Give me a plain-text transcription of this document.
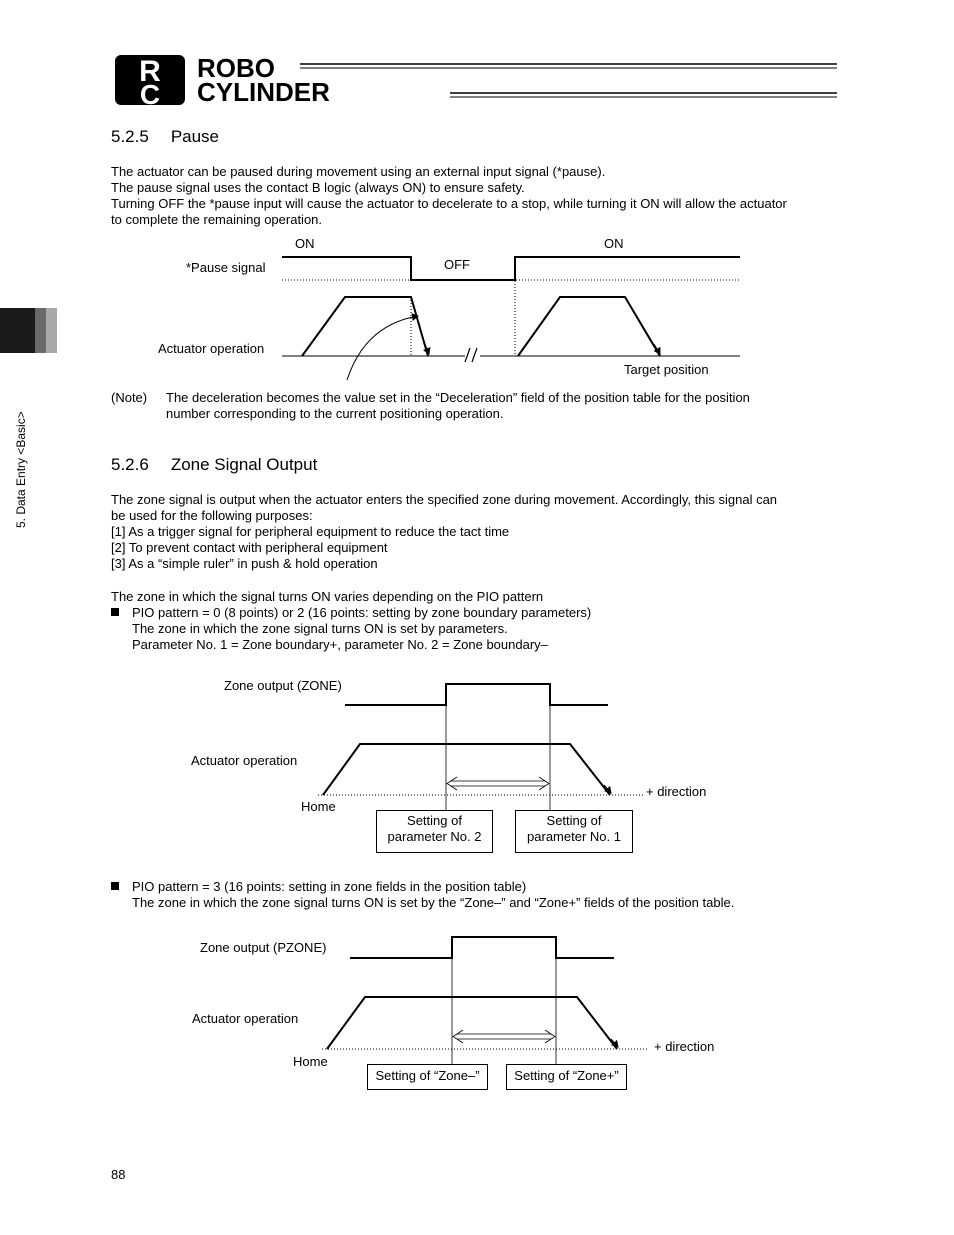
R
C
ROBO
CYLINDER
5. Data Entry <Basic>
5.2.5 Pause
The actuator can be paused during movement using an external input signal (*pause).
The pause signal uses the contact B logic (always ON) to ensure safety.
Turning OFF the *pause input will cause the actuator to decelerate to a stop, while turning it ON will allow the actuator
to complete the remaining operation.
ON
OFF
ON
*Pause signal
Actuator operation
Target position
(Note) The deceleration becomes the value set in the “Deceleration” field of the position table for the position
number corresponding to the current positioning operation.
5.2.6 Zone Signal Output
The zone signal is output when the actuator enters the specified zone during movement. Accordingly, this signal can
be used for the following purposes:
[1] As a trigger signal for peripheral equipment to reduce the tact time
[2] To prevent contact with peripheral equipment
[3] As a “simple ruler” in push & hold operation
The zone in which the signal turns ON varies depending on the PIO pattern
PIO pattern = 0 (8 points) or 2 (16 points: setting by zone boundary parameters)
The zone in which the zone signal turns ON is set by parameters.
Parameter No. 1 = Zone boundary+, parameter No. 2 = Zone boundary–
Zone output (ZONE)
Actuator operation
Home
+ direction
Setting of
parameter No. 2
Setting of
parameter No. 1
PIO pattern = 3 (16 points: setting in zone fields in the position table)
The zone in which the zone signal turns ON is set by the “Zone–” and “Zone+” fields of the position table.
Zone output (PZONE)
Actuator operation
Home
+ direction
Setting of “Zone–”	Setting of “Zone+”
88
